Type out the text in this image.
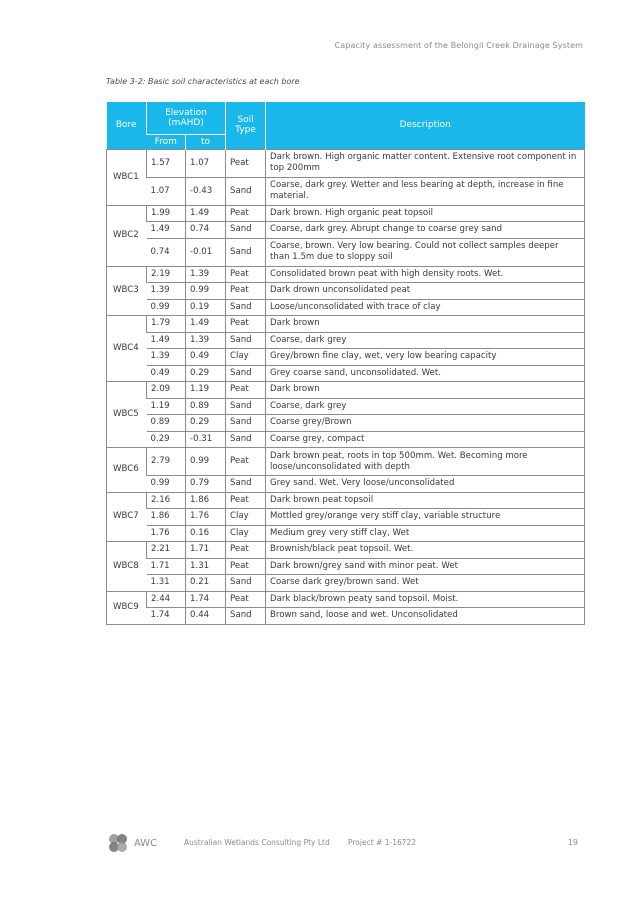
Capacity assessment of the Belongil Creek Drainage System
Table 3-2: Basic soil characteristics at each bore
Bore	Elevation (mAHD)		Soil Type	Description
	From	to		
WBC1	1.57	1.07	Peat	Dark brown. High organic matter content. Extensive root component in top 200mm
	1.07	-0.43	Sand	Coarse, dark grey. Wetter and less bearing at depth, increase in fine material.
WBC2	1.99	1.49	Peat	Dark brown. High organic peat topsoil
	1.49	0.74	Sand	Coarse, dark grey. Abrupt change to coarse grey sand
	0.74	-0.01	Sand	Coarse, brown. Very low bearing. Could not collect samples deeper than 1.5m due to sloppy soil
WBC3	2.19	1.39	Peat	Consolidated brown peat with high density roots. Wet.
	1.39	0.99	Peat	Dark drown unconsolidated peat
	0.99	0.19	Sand	Loose/unconsolidated with trace of clay
WBC4	1.79	1.49	Peat	Dark brown
	1.49	1.39	Sand	Coarse, dark grey
	1.39	0.49	Clay	Grey/brown fine clay, wet, very low bearing capacity
	0.49	0.29	Sand	Grey coarse sand, unconsolidated. Wet.
WBC5	2.09	1.19	Peat	Dark brown
	1.19	0.89	Sand	Coarse, dark grey
	0.89	0.29	Sand	Coarse grey/Brown
	0.29	-0.31	Sand	Coarse grey, compact
WBC6	2.79	0.99	Peat	Dark brown peat, roots in top 500mm. Wet. Becoming more loose/unconsolidated with depth
	0.99	0.79	Sand	Grey sand. Wet. Very loose/unconsolidated
WBC7	2.16	1.86	Peat	Dark brown peat topsoil
	1.86	1.76	Clay	Mottled grey/orange very stiff clay, variable structure
	1.76	0.16	Clay	Medium grey very stiff clay, Wet
WBC8	2.21	1.71	Peat	Brownish/black peat topsoil. Wet.
	1.71	1.31	Peat	Dark brown/grey sand with minor peat. Wet
	1.31	0.21	Sand	Coarse dark grey/brown sand. Wet
WBC9	2.44	1.74	Peat	Dark black/brown peaty sand topsoil. Moist.
	1.74	0.44	Sand	Brown sand, loose and wet. Unconsolidated
AWC	Australian Wetlands Consulting Pty Ltd Project # 1-16722	19
